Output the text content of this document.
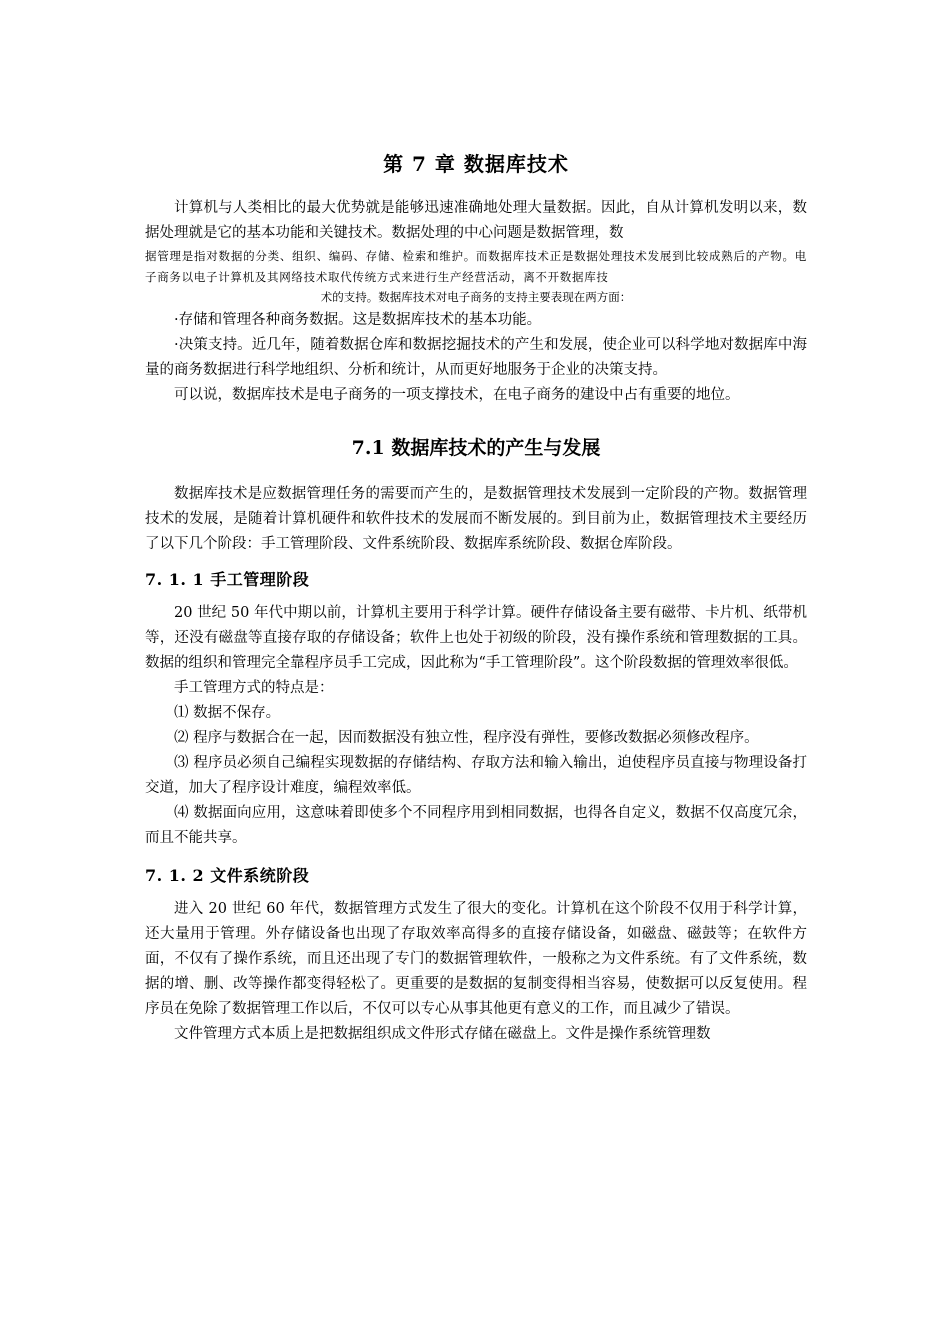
第 7 章 数据库技术

计算机与人类相比的最大优势就是能够迅速准确地处理大量数据。因此，自从计算机发明以来，数据处理就是它的基本功能和关键技术。数据处理的中心问题是数据管理，数

据管理是指对数据的分类、组织、编码、存储、检索和维护。而数据库技术正是数据处理技术发展到比较成熟后的产物。电子商务以电子计算机及其网络技术取代传统方式来进行生产经营活动，离不开数据库技

术的支持。数据库技术对电子商务的支持主要表现在两方面：

·存储和管理各种商务数据。这是数据库技术的基本功能。

·决策支持。近几年，随着数据仓库和数据挖掘技术的产生和发展，使企业可以科学地对数据库中海量的商务数据进行科学地组织、分析和统计，从而更好地服务于企业的决策支持。

可以说，数据库技术是电子商务的一项支撑技术，在电子商务的建设中占有重要的地位。

7.1 数据库技术的产生与发展

数据库技术是应数据管理任务的需要而产生的，是数据管理技术发展到一定阶段的产物。数据管理技术的发展，是随着计算机硬件和软件技术的发展而不断发展的。到目前为止，数据管理技术主要经历了以下几个阶段：手工管理阶段、文件系统阶段、数据库系统阶段、数据仓库阶段。

7. 1. 1 手工管理阶段

20 世纪 50 年代中期以前，计算机主要用于科学计算。硬件存储设备主要有磁带、卡片机、纸带机等，还没有磁盘等直接存取的存储设备；软件上也处于初级的阶段，没有操作系统和管理数据的工具。数据的组织和管理完全靠程序员手工完成，因此称为“手工管理阶段”。这个阶段数据的管理效率很低。

手工管理方式的特点是：

⑴ 数据不保存。

⑵ 程序与数据合在一起，因而数据没有独立性，程序没有弹性，要修改数据必须修改程序。

⑶ 程序员必须自己编程实现数据的存储结构、存取方法和输入输出，迫使程序员直接与物理设备打交道，加大了程序设计难度，编程效率低。

⑷ 数据面向应用，这意味着即使多个不同程序用到相同数据，也得各自定义，数据不仅高度冗余，而且不能共享。

7. 1. 2 文件系统阶段

进入 20 世纪 60 年代，数据管理方式发生了很大的变化。计算机在这个阶段不仅用于科学计算，还大量用于管理。外存储设备也出现了存取效率高得多的直接存储设备，如磁盘、磁鼓等；在软件方面，不仅有了操作系统，而且还出现了专门的数据管理软件，一般称之为文件系统。有了文件系统，数据的增、删、改等操作都变得轻松了。更重要的是数据的复制变得相当容易，使数据可以反复使用。程序员在免除了数据管理工作以后，不仅可以专心从事其他更有意义的工作，而且减少了错误。

文件管理方式本质上是把数据组织成文件形式存储在磁盘上。文件是操作系统管理数
